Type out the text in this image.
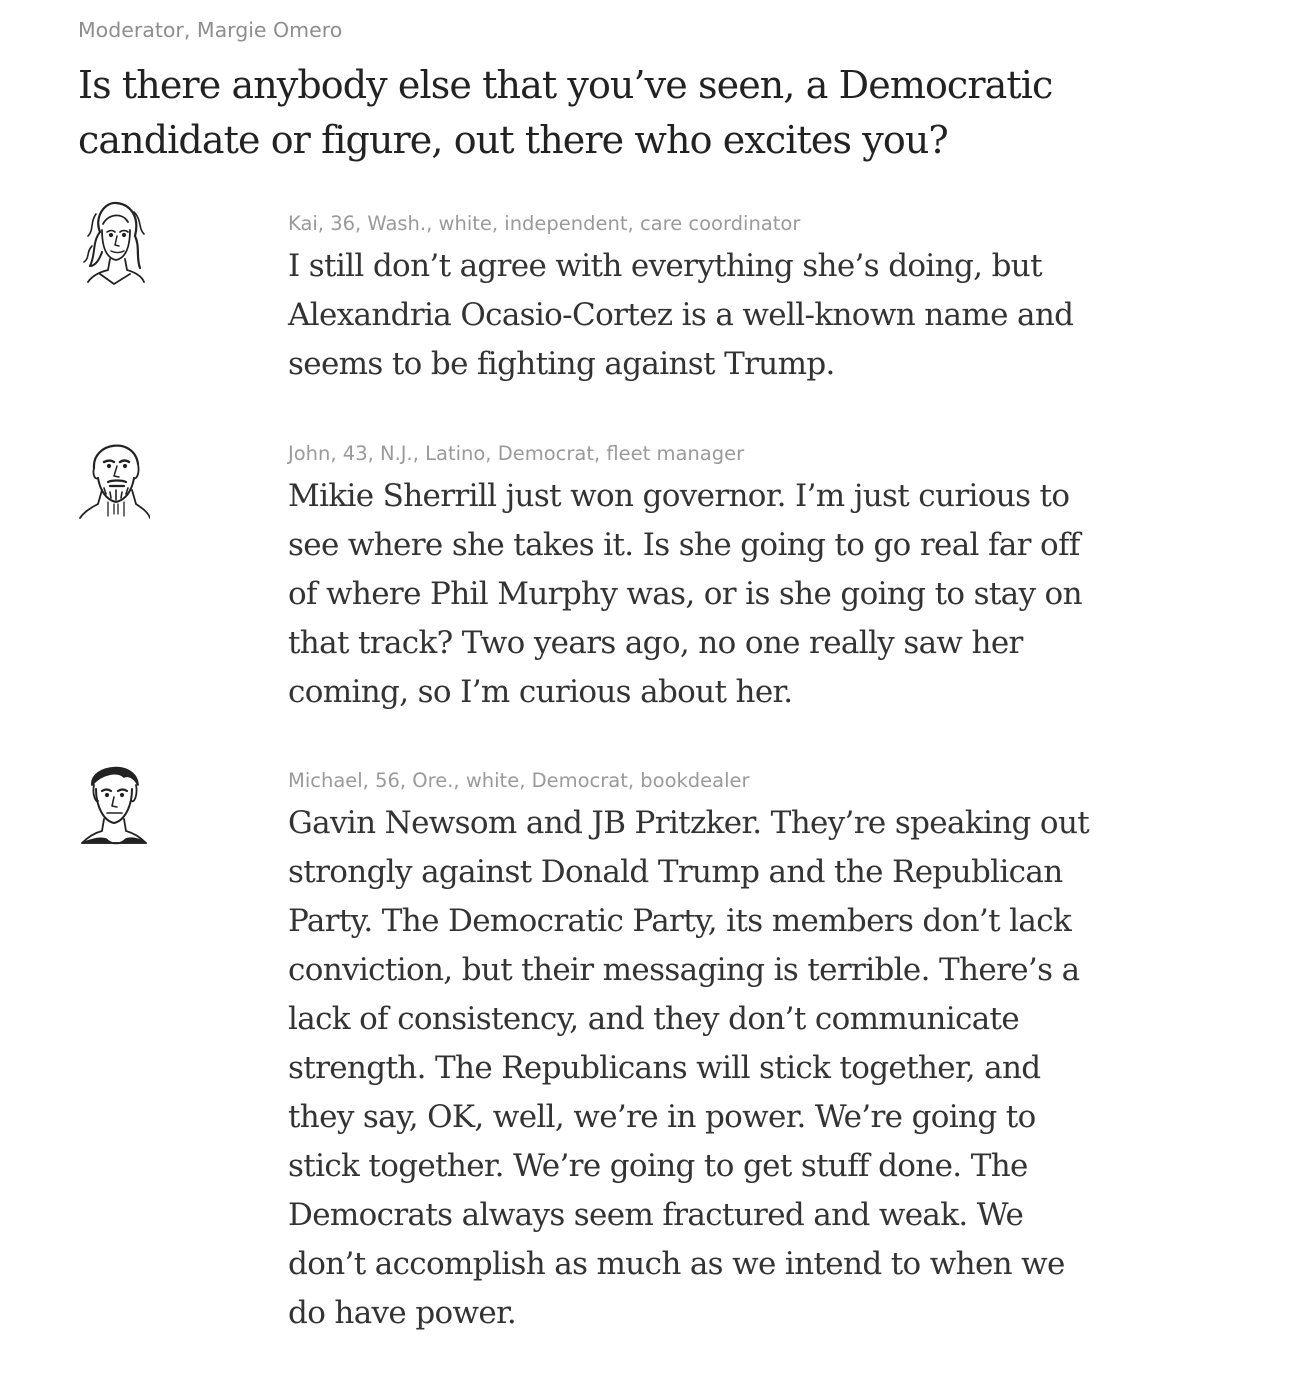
Moderator, Margie Omero
Is there anybody else that you’ve seen, a Democratic candidate or figure, out there who excites you?
Kai, 36, Wash., white, independent, care coordinator

I still don’t agree with everything she’s doing, but Alexandria Ocasio-Cortez is a well-known name and seems to be fighting against Trump.

John, 43, N.J., Latino, Democrat, fleet manager

Mikie Sherrill just won governor. I’m just curious to see where she takes it. Is she going to go real far off of where Phil Murphy was, or is she going to stay on that track? Two years ago, no one really saw her coming, so I’m curious about her.

Michael, 56, Ore., white, Democrat, bookdealer

Gavin Newsom and JB Pritzker. They’re speaking out strongly against Donald Trump and the Republican Party. The Democratic Party, its members don’t lack conviction, but their messaging is terrible. There’s a lack of consistency, and they don’t communicate strength. The Republicans will stick together, and they say, OK, well, we’re in power. We’re going to stick together. We’re going to get stuff done. The Democrats always seem fractured and weak. We don’t accomplish as much as we intend to when we do have power.
